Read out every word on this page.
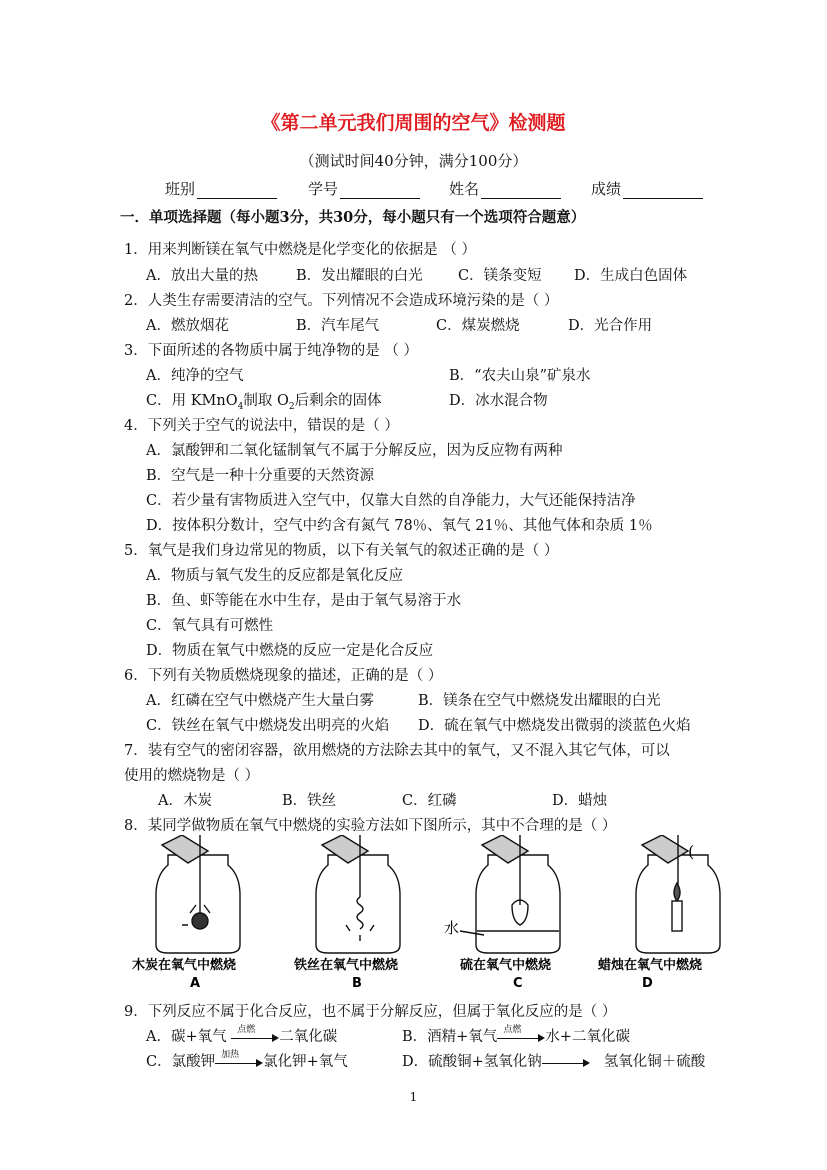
《第二单元我们周围的空气》检测题
（测试时间40分钟，满分100分）
班别	学号	姓名	成绩
一．单项选择题（每小题3分，共30分，每小题只有一个选项符合题意）
1．用来判断镁在氧气中燃烧是化学变化的依据是 （ ）
A．放出大量的热	B．发出耀眼的白光 C．镁条变短 D．生成白色固体
2．人类生存需要清洁的空气。下列情况不会造成环境污染的是（ ）
A．燃放烟花	B．汽车尾气	C．煤炭燃烧	D．光合作用
3．下面所述的各物质中属于纯净物的是 （ ）
A．纯净的空气	B．“农夫山泉”矿泉水
C．用 KMnO$_4$制取 $O_2$后剩余的固体	D．冰水混合物
4．下列关于空气的说法中，错误的是（ ）
A．氯酸钾和二氧化锰制氧气不属于分解反应，因为反应物有两种
B．空气是一种十分重要的天然资源
C．若少量有害物质进入空气中，仅靠大自然的自净能力，大气还能保持洁净
D．按体积分数计，空气中约含有氮气 78％、氧气 21％、其他气体和杂质 1％
5．氧气是我们身边常见的物质，以下有关氧气的叙述正确的是（ ）
A．物质与氧气发生的反应都是氧化反应
B．鱼、虾等能在水中生存，是由于氧气易溶于水
C．氧气具有可燃性
D．物质在氧气中燃烧的反应一定是化合反应
6．下列有关物质燃烧现象的描述，正确的是（ ）
A．红磷在空气中燃烧产生大量白雾	B．镁条在空气中燃烧发出耀眼的白光
C．铁丝在氧气中燃烧发出明亮的火焰 D．硫在氧气中燃烧发出微弱的淡蓝色火焰
7．装有空气的密闭容器，欲用燃烧的方法除去其中的氧气，又不混入其它气体，可以
使用的燃烧物是（ ）
A．木炭	B．铁丝	C．红磷	D．蜡烛
8．某同学做物质在氧气中燃烧的实验方法如下图所示，其中不合理的是（ ）
水
(
木炭在氧气中燃烧	铁丝在氧气中燃烧	硫在氧气中燃烧	蜡烛在氧气中燃烧
A	B	C	D
9．下列反应不属于化合反应，也不属于分解反应，但属于氧化反应的是（ ）
A．碳+氧气 点燃 二氧化碳	B．酒精+氧气 点燃 水+二氧化碳
C．氯酸钾 加热 氯化钾+氧气	D．硫酸铜+氢氧化钠	氢氧化铜＋硫酸
1
